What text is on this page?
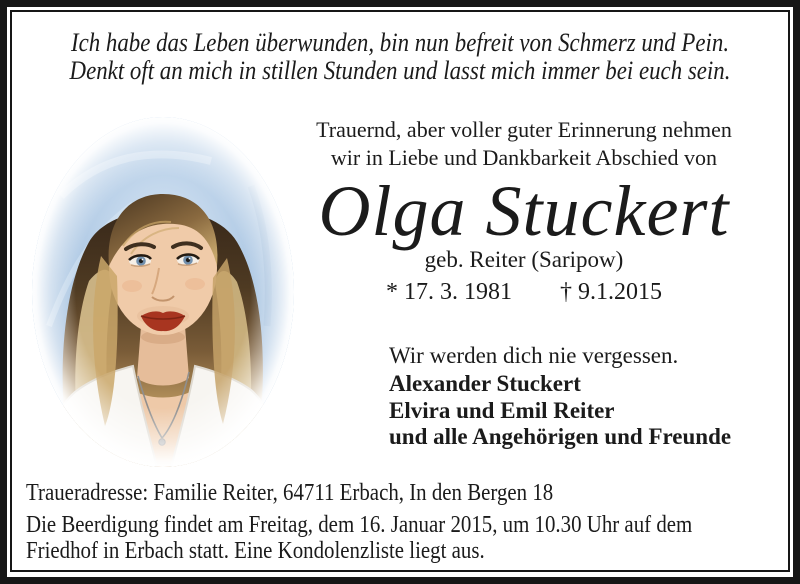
Ich habe das Leben überwunden, bin nun befreit von Schmerz und Pein.
Denkt oft an mich in stillen Stunden und lasst mich immer bei euch sein.
Trauernd, aber voller guter Erinnerung nehmen
wir in Liebe und Dankbarkeit Abschied von
Olga Stuckert
geb. Reiter (Saripow)
* 17. 3. 1981 † 9.1.2015
Wir werden dich nie vergessen.
Alexander Stuckert
Elvira und Emil Reiter
und alle Angehörigen und Freunde
Traueradresse: Familie Reiter, 64711 Erbach, In den Bergen 18
Die Beerdigung findet am Freitag, dem 16. Januar 2015, um 10.30 Uhr auf dem
Friedhof in Erbach statt. Eine Kondolenzliste liegt aus.
